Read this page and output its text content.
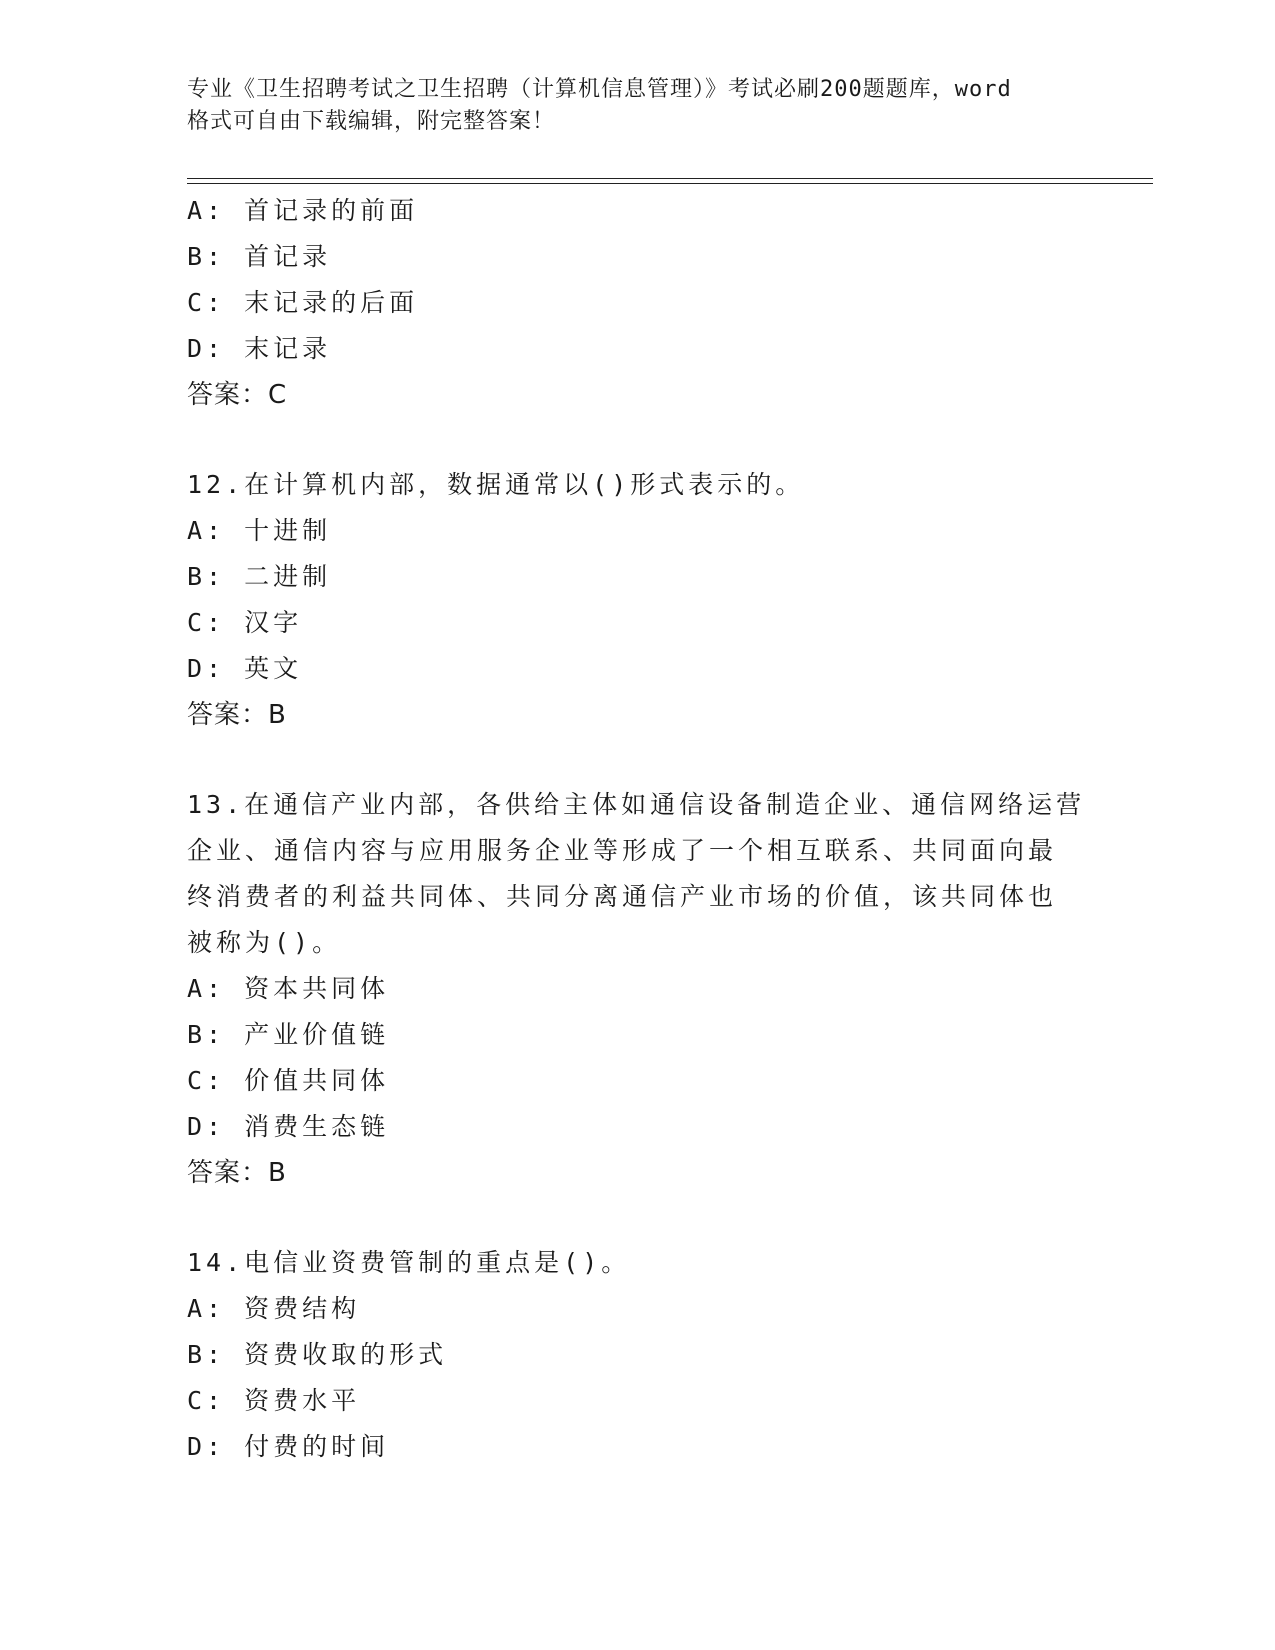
专业《卫生招聘考试之卫生招聘（计算机信息管理）》考试必刷200题题库，word
格式可自由下载编辑，附完整答案！
A: 首记录的前面
B: 首记录
C: 末记录的后面
D: 末记录
答案：C
12.在计算机内部，数据通常以()形式表示的。
A: 十进制
B: 二进制
C: 汉字
D: 英文
答案：B
13.在通信产业内部，各供给主体如通信设备制造企业、通信网络运营
企业、通信内容与应用服务企业等形成了一个相互联系、共同面向最
终消费者的利益共同体、共同分离通信产业市场的价值，该共同体也
被称为()。
A: 资本共同体
B: 产业价值链
C: 价值共同体
D: 消费生态链
答案：B
14.电信业资费管制的重点是()。
A: 资费结构
B: 资费收取的形式
C: 资费水平
D: 付费的时间
